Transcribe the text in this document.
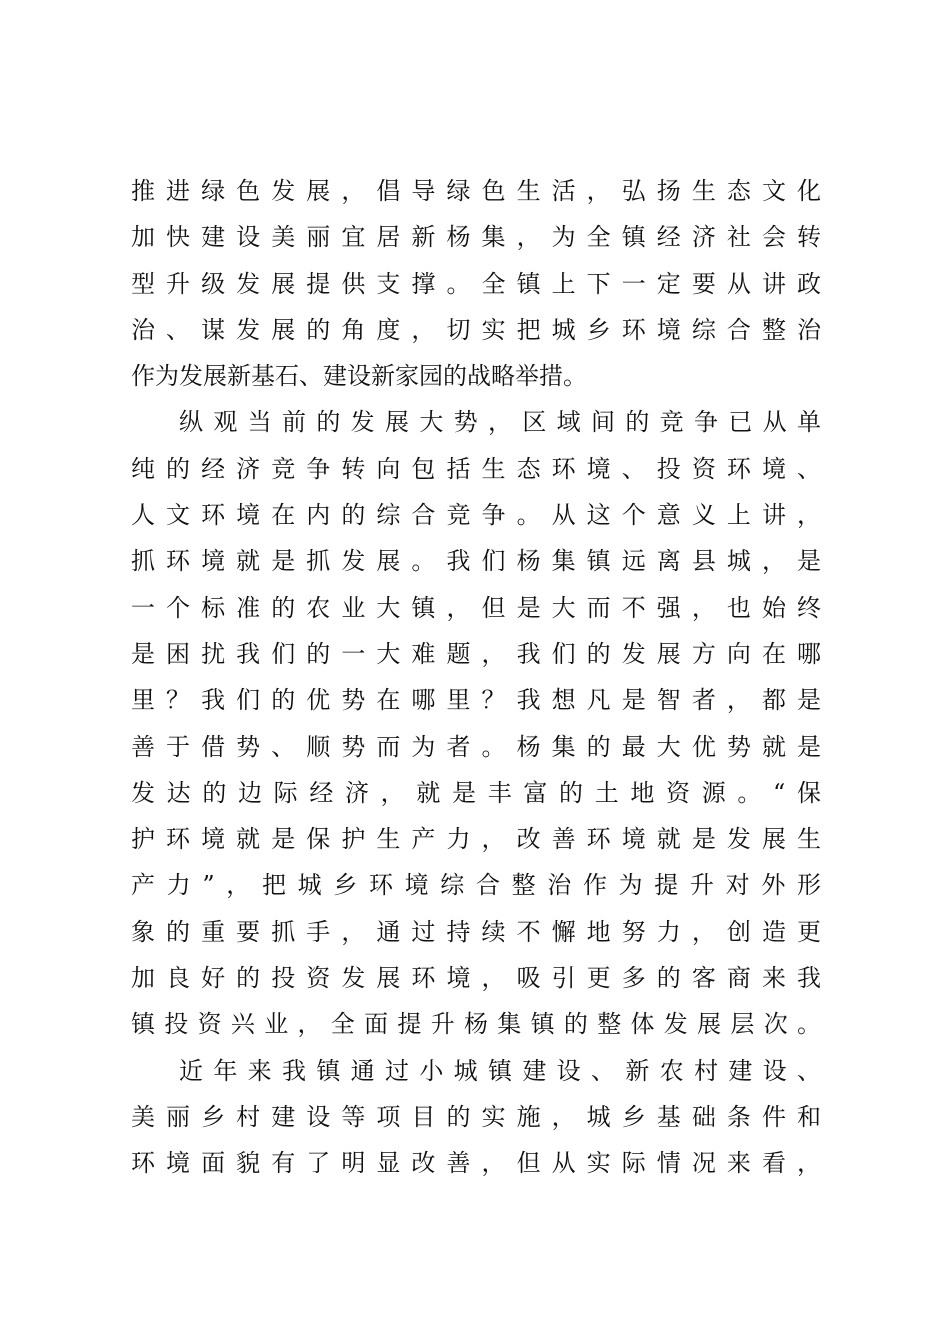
推进绿色发展，倡导绿色生活，弘扬生态文化
加快建设美丽宜居新杨集，为全镇经济社会转
型升级发展提供支撑。全镇上下一定要从讲政
治、谋发展的角度，切实把城乡环境综合整治
作为发展新基石、建设新家园的战略举措。
纵观当前的发展大势，区域间的竞争已从单
纯的经济竞争转向包括生态环境、投资环境、
人文环境在内的综合竞争。从这个意义上讲，
抓环境就是抓发展。我们杨集镇远离县城，是
一个标准的农业大镇，但是大而不强，也始终
是困扰我们的一大难题，我们的发展方向在哪
里？我们的优势在哪里？我想凡是智者，都是
善于借势、顺势而为者。杨集的最大优势就是
发达的边际经济，就是丰富的土地资源。“保
护环境就是保护生产力，改善环境就是发展生
产力”，把城乡环境综合整治作为提升对外形
象的重要抓手，通过持续不懈地努力，创造更
加良好的投资发展环境，吸引更多的客商来我
镇投资兴业，全面提升杨集镇的整体发展层次。
近年来我镇通过小城镇建设、新农村建设、
美丽乡村建设等项目的实施，城乡基础条件和
环境面貌有了明显改善，但从实际情况来看，
